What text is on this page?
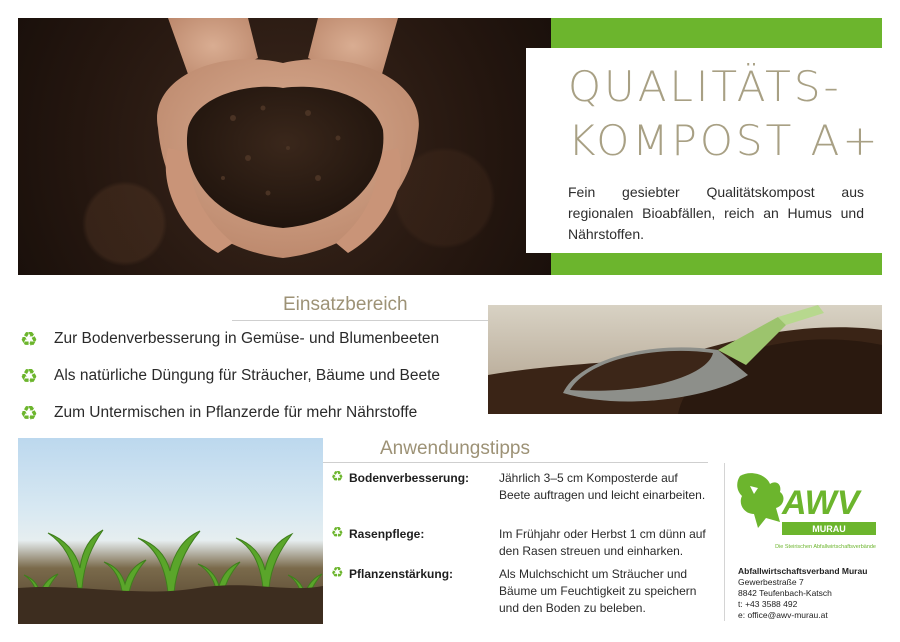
QUALITÄTS-
KOMPOST A+

Fein gesiebter Qualitätskompost aus regionalen Bioabfällen, reich an Humus und Nährstoffen.

Einsatzbereich
♻	Zur Bodenverbesserung in Gemüse- und Blumenbeeten
♻	Als natürliche Düngung für Sträucher, Bäume und Beete
♻	Zum Untermischen in Pflanzerde für mehr Nährstoffe
Anwendungstipps
♻ Bodenverbesserung: Jährlich 3–5 cm Komposterde auf Beete auftragen und leicht einarbeiten.
♻ Rasenpflege:	Im Frühjahr oder Herbst 1 cm dünn auf den Rasen streuen und einharken.
♻ Pflanzenstärkung:	Als Mulchschicht um Sträucher und Bäume um Feuchtigkeit zu speichern und den Boden zu beleben.
AWV
MURAU
Die Steirischen Abfallwirtschaftsverbände
Abfallwirtschaftsverband Murau
Gewerbestraße 7
8842 Teufenbach-Katsch
t: +43 3588 492
e: office@awv-murau.at
